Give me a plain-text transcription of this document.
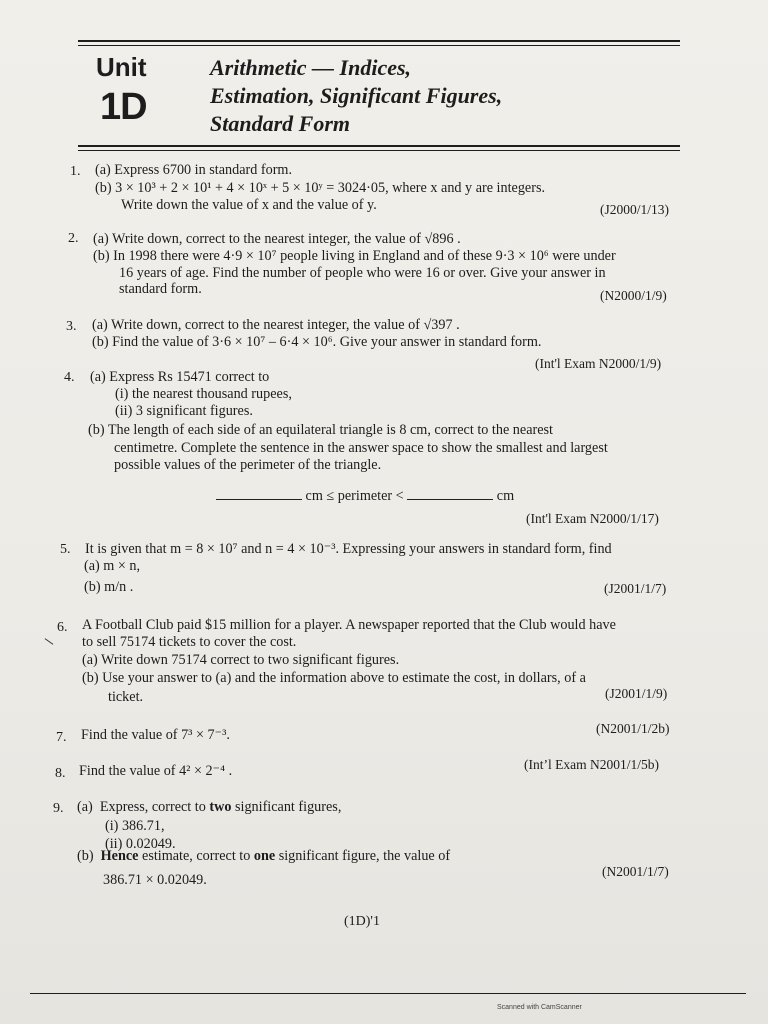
Unit
1D
Arithmetic — Indices,
Estimation, Significant Figures,
Standard Form
1. (a) Express 6700 in standard form.
(b) 3 × 10³ + 2 × 10¹ + 4 × 10ˣ + 5 × 10ʸ = 3024·05, where x and y are integers.
Write down the value of x and the value of y.	(J2000/1/13)
2. (a) Write down, correct to the nearest integer, the value of √896 .
(b) In 1998 there were 4·9 × 10⁷ people living in England and of these 9·3 × 10⁶ were under
16 years of age. Find the number of people who were 16 or over. Give your answer in
standard form.	(N2000/1/9)
3. (a) Write down, correct to the nearest integer, the value of √397 .
(b) Find the value of 3·6 × 10⁷ – 6·4 × 10⁶. Give your answer in standard form.
(Int'l Exam N2000/1/9)
4. (a) Express Rs 15471 correct to
(i) the nearest thousand rupees,
(ii) 3 significant figures.
(b) The length of each side of an equilateral triangle is 8 cm, correct to the nearest
centimetre. Complete the sentence in the answer space to show the smallest and largest
possible values of the perimeter of the triangle.
cm ≤ perimeter <	cm
(Int'l Exam N2000/1/17)
5. It is given that m = 8 × 10⁷ and n = 4 × 10⁻³. Expressing your answers in standard form, find
(a) m × n,
(b) m/n .	(J2001/1/7)
6. A Football Club paid $15 million for a player. A newspaper reported that the Club would have
to sell 75174 tickets to cover the cost.
(a) Write down 75174 correct to two significant figures.
(b) Use your answer to (a) and the information above to estimate the cost, in dollars, of a
ticket.	(J2001/1/9)
7. Find the value of 7³ × 7⁻³.	(N2001/1/2b)
8. Find the value of 4² × 2⁻⁴ .	(Int’l Exam N2001/1/5b)
9. (a)  Express, correct to two significant figures,
(i) 386.71,
(ii) 0.02049.
(b)  Hence estimate, correct to one significant figure, the value of
386.71 × 0.02049.
(N2001/1/7)
(1D)'1
Scanned with CamScanner
